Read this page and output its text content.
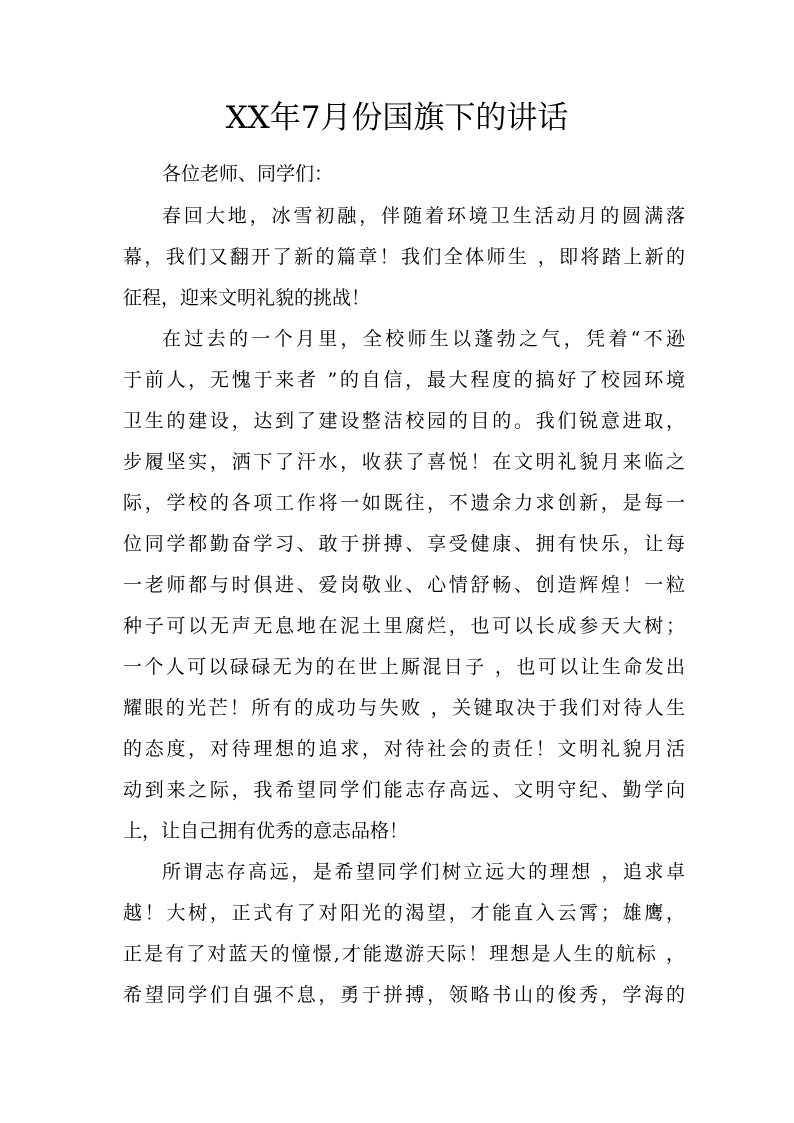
XX年7月份国旗下的讲话
各位老师、同学们：
春回大地，冰雪初融，伴随着环境卫生活动月的圆满落
幕，我们又翻开了新的篇章！我们全体师生 ，即将踏上新的
征程，迎来文明礼貌的挑战！
在过去的一个月里，全校师生以蓬勃之气，凭着“不逊
于前人，无愧于来者 ”的自信，最大程度的搞好了校园环境
卫生的建设，达到了建设整洁校园的目的。我们锐意进取，
步履坚实，洒下了汗水，收获了喜悦！在文明礼貌月来临之
际，学校的各项工作将一如既往，不遗余力求创新，是每一
位同学都勤奋学习、敢于拼搏、享受健康、拥有快乐，让每
一老师都与时俱进、爱岗敬业、心情舒畅、创造辉煌！一粒
种子可以无声无息地在泥土里腐烂，也可以长成参天大树；
一个人可以碌碌无为的在世上厮混日子 ，也可以让生命发出
耀眼的光芒！所有的成功与失败 ，关键取决于我们对待人生
的态度，对待理想的追求，对待社会的责任！文明礼貌月活
动到来之际，我希望同学们能志存高远、文明守纪、勤学向
上，让自己拥有优秀的意志品格！
所谓志存高远，是希望同学们树立远大的理想 ，追求卓
越！大树，正式有了对阳光的渴望，才能直入云霄；雄鹰，
正是有了对蓝天的憧憬,才能遨游天际！理想是人生的航标 ，
希望同学们自强不息，勇于拼搏，领略书山的俊秀，学海的
